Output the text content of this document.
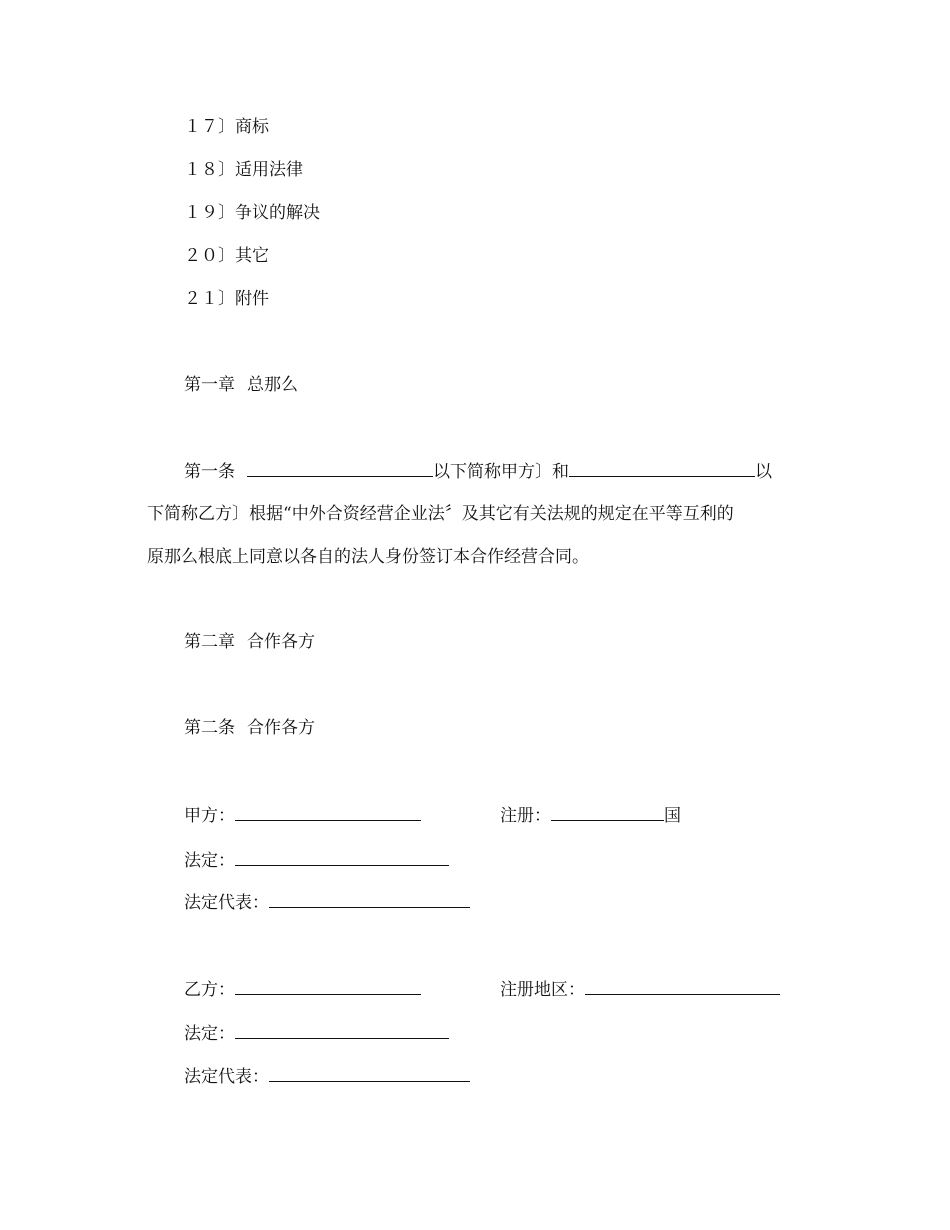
１７〕商标
１８〕适用法律
１９〕争议的解决
２０〕其它
２１〕附件
第一章 总那么
第一条	以下简称甲方〕和	以
下简称乙方〕根据“中外合资经营企业法〞及其它有关法规的规定在平等互利的
原那么根底上同意以各自的法人身份签订本合作经营合同。
第二章 合作各方
第二条 合作各方
甲方：	注册：	国
法定：
法定代表：
乙方：	注册地区：
法定：
法定代表：
